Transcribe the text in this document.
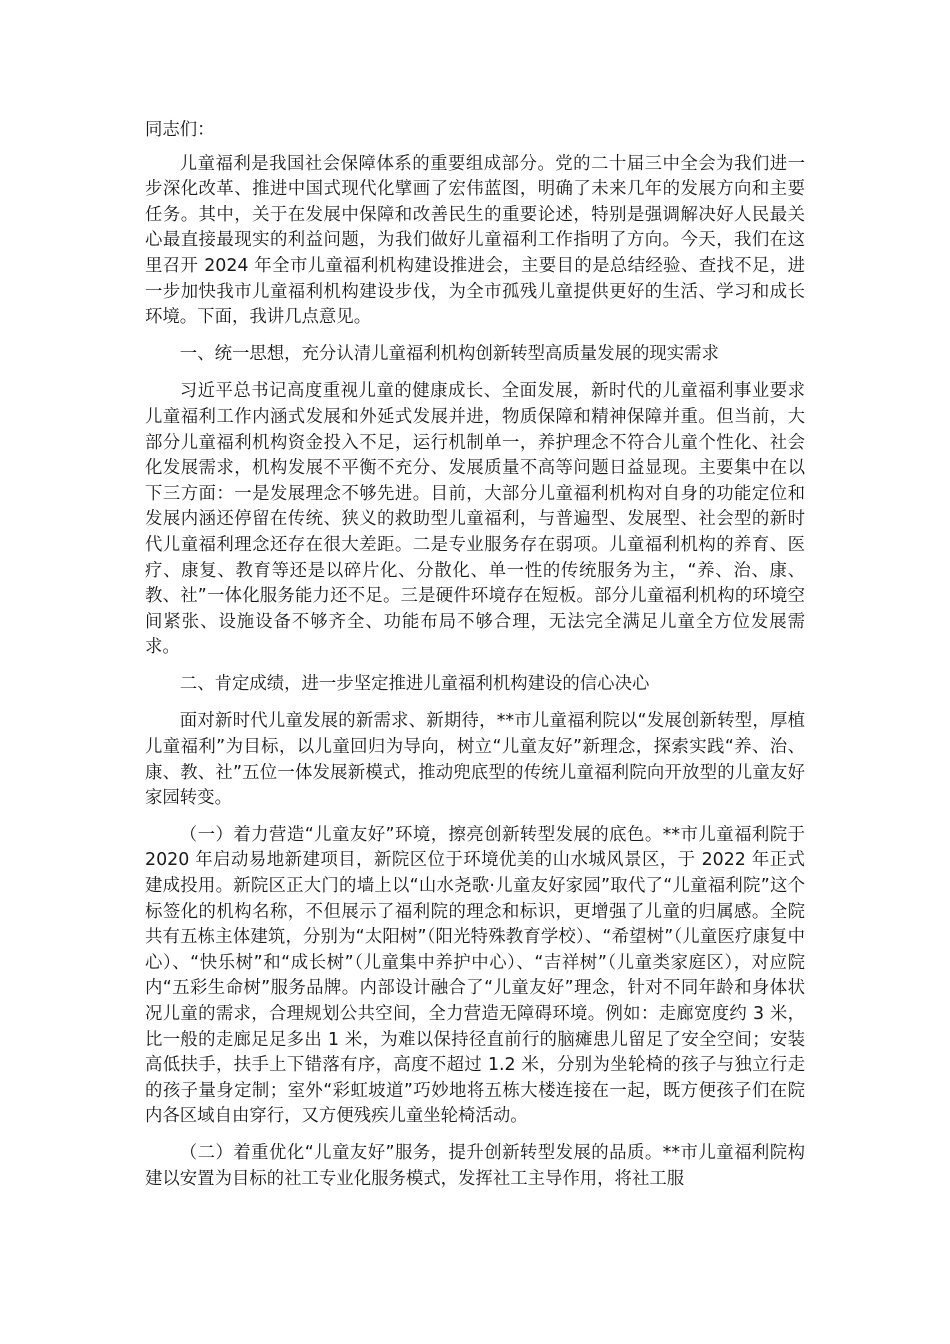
同志们：

儿童福利是我国社会保障体系的重要组成部分。党的二十届三中全会为我们进一步深化改革、推进中国式现代化擘画了宏伟蓝图，明确了未来几年的发展方向和主要任务。其中，关于在发展中保障和改善民生的重要论述，特别是强调解决好人民最关心最直接最现实的利益问题，为我们做好儿童福利工作指明了方向。今天，我们在这里召开 2024 年全市儿童福利机构建设推进会，主要目的是总结经验、查找不足，进一步加快我市儿童福利机构建设步伐，为全市孤残儿童提供更好的生活、学习和成长环境。下面，我讲几点意见。

一、统一思想，充分认清儿童福利机构创新转型高质量发展的现实需求

习近平总书记高度重视儿童的健康成长、全面发展，新时代的儿童福利事业要求儿童福利工作内涵式发展和外延式发展并进，物质保障和精神保障并重。但当前，大部分儿童福利机构资金投入不足，运行机制单一，养护理念不符合儿童个性化、社会化发展需求，机构发展不平衡不充分、发展质量不高等问题日益显现。主要集中在以下三方面：一是发展理念不够先进。目前，大部分儿童福利机构对自身的功能定位和发展内涵还停留在传统、狭义的救助型儿童福利，与普遍型、发展型、社会型的新时代儿童福利理念还存在很大差距。二是专业服务存在弱项。儿童福利机构的养育、医疗、康复、教育等还是以碎片化、分散化、单一性的传统服务为主，“养、治、康、教、社”一体化服务能力还不足。三是硬件环境存在短板。部分儿童福利机构的环境空间紧张、设施设备不够齐全、功能布局不够合理，无法完全满足儿童全方位发展需求。

二、肯定成绩，进一步坚定推进儿童福利机构建设的信心决心

面对新时代儿童发展的新需求、新期待，**市儿童福利院以“发展创新转型，厚植儿童福利”为目标，以儿童回归为导向，树立“儿童友好”新理念，探索实践“养、治、康、教、社”五位一体发展新模式，推动兜底型的传统儿童福利院向开放型的儿童友好家园转变。

（一）着力营造“儿童友好”环境，擦亮创新转型发展的底色。**市儿童福利院于 2020 年启动易地新建项目，新院区位于环境优美的山水城风景区，于 2022 年正式建成投用。新院区正大门的墙上以“山水尧歌·儿童友好家园”取代了“儿童福利院”这个标签化的机构名称，不但展示了福利院的理念和标识，更增强了儿童的归属感。全院共有五栋主体建筑，分别为“太阳树”（阳光特殊教育学校）、“希望树”（儿童医疗康复中心）、“快乐树”和“成长树”（儿童集中养护中心）、“吉祥树”（儿童类家庭区），对应院内“五彩生命树”服务品牌。内部设计融合了“儿童友好”理念，针对不同年龄和身体状况儿童的需求，合理规划公共空间，全力营造无障碍环境。例如：走廊宽度约 3 米，比一般的走廊足足多出 1 米，为难以保持径直前行的脑瘫患儿留足了安全空间；安装高低扶手，扶手上下错落有序，高度不超过 1.2 米，分别为坐轮椅的孩子与独立行走的孩子量身定制；室外“彩虹坡道”巧妙地将五栋大楼连接在一起，既方便孩子们在院内各区域自由穿行，又方便残疾儿童坐轮椅活动。

（二）着重优化“儿童友好”服务，提升创新转型发展的品质。**市儿童福利院构建以安置为目标的社工专业化服务模式，发挥社工主导作用，将社工服
